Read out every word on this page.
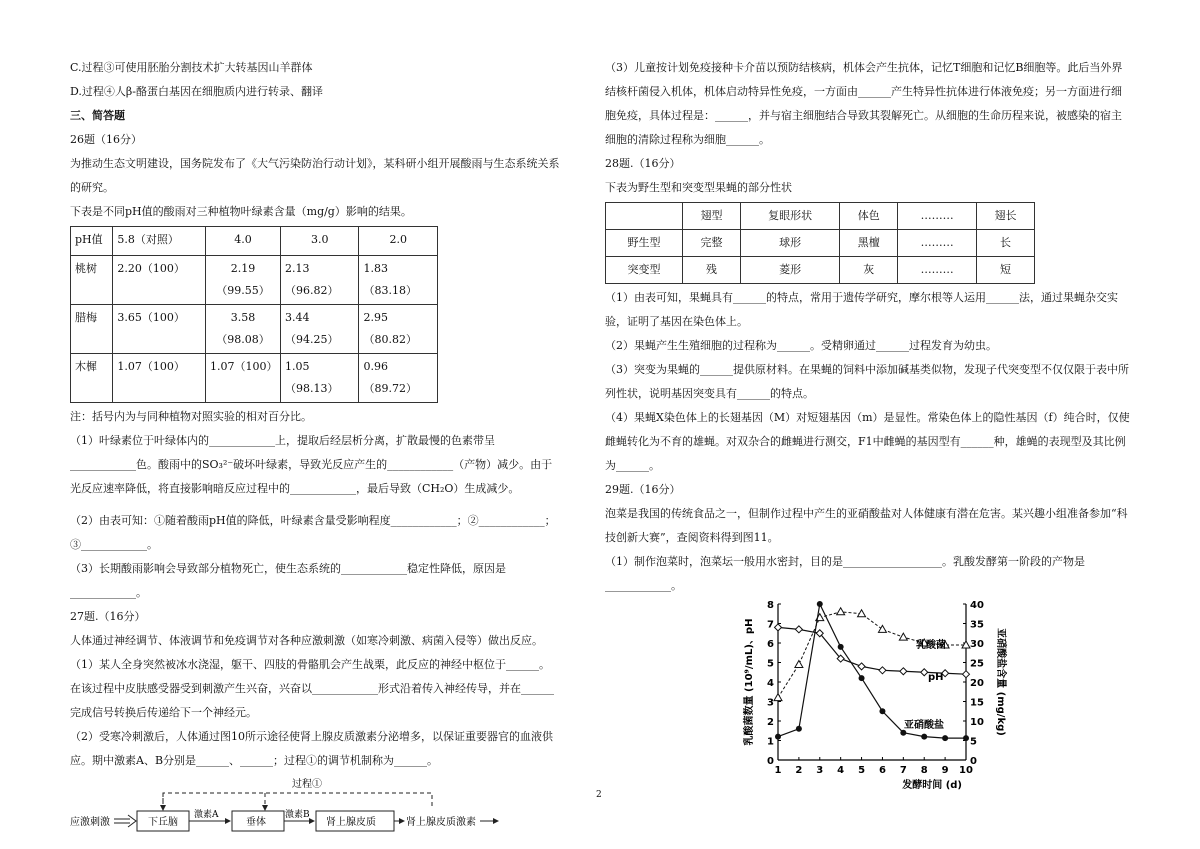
C.过程③可使用胚胎分割技术扩大转基因山羊群体

D.过程④人β-酪蛋白基因在细胞质内进行转录、翻译

三、简答题

26题（16分）

为推动生态文明建设，国务院发布了《大气污染防治行动计划》，某科研小组开展酸雨与生态系统关系的研究。

下表是不同pH值的酸雨对三种植物叶绿素含量（mg/g）影响的结果。

pH值	5.8（对照）	4.0	3.0	2.0
桃树	2.20（100）	2.19（99.55）	2.13（96.82）	1.83（83.18）
腊梅	3.65（100）	3.58（98.08）	3.44（94.25）	2.95（80.82）
木樨	1.07（100）	1.07（100）	1.05（98.13）	0.96（89.72）

注：括号内为与同种植物对照实验的相对百分比。

（1）叶绿素位于叶绿体内的____________上，提取后经层析分离，扩散最慢的色素带呈____________色。酸雨中的SO₃²⁻破坏叶绿素，导致光反应产生的____________（产物）减少。由于光反应速率降低，将直接影响暗反应过程中的____________，最后导致（CH₂O）生成减少。

（2）由表可知：①随着酸雨pH值的降低，叶绿素含量受影响程度____________；②____________；③____________。

（3）长期酸雨影响会导致部分植物死亡，使生态系统的____________稳定性降低，原因是____________。

27题.（16分）

人体通过神经调节、体液调节和免疫调节对各种应激刺激（如寒冷刺激、病菌入侵等）做出反应。

（1）某人全身突然被冰水浇湿，躯干、四肢的骨骼肌会产生战栗，此反应的神经中枢位于______。在该过程中皮肤感受器受到刺激产生兴奋，兴奋以____________形式沿着传入神经传导，并在______完成信号转换后传递给下一个神经元。

（2）受寒冷刺激后，人体通过图10所示途径使肾上腺皮质激素分泌增多，以保证重要器官的血液供应。期中激素A、B分别是______、______；过程①的调节机制称为______。

过程①
应激刺激	下丘脑
激素A
垂体
激素B
肾上腺皮质	肾上腺皮质激素

（3）儿童按计划免疫接种卡介苗以预防结核病，机体会产生抗体，记忆T细胞和记忆B细胞等。此后当外界结核杆菌侵入机体，机体启动特异性免疫，一方面由______产生特异性抗体进行体液免疫；另一方面进行细胞免疫，具体过程是：______，并与宿主细胞结合导致其裂解死亡。从细胞的生命历程来说，被感染的宿主细胞的清除过程称为细胞______。

28题.（16分）

下表为野生型和突变型果蝇的部分性状

	翅型	复眼形状	体色	………	翅长
野生型	完整	球形	黑檀	………	长
突变型	残	菱形	灰	………	短

（1）由表可知，果蝇具有______的特点，常用于遗传学研究，摩尔根等人运用______法，通过果蝇杂交实验，证明了基因在染色体上。

（2）果蝇产生生殖细胞的过程称为______。受精卵通过______过程发育为幼虫。

（3）突变为果蝇的______提供原材料。在果蝇的饲料中添加碱基类似物，发现子代突变型不仅仅限于表中所列性状，说明基因突变具有______的特点。

（4）果蝇X染色体上的长翅基因（M）对短翅基因（m）是显性。常染色体上的隐性基因（f）纯合时，仅使雌蝇转化为不育的雄蝇。对双杂合的雌蝇进行测交，F1中雌蝇的基因型有______种，雄蝇的表现型及其比例为______。

29题.（16分）

泡菜是我国的传统食品之一，但制作过程中产生的亚硝酸盐对人体健康有潜在危害。某兴趣小组准备参加“科技创新大赛”，查阅资料得到图11。

（1）制作泡菜时，泡菜坛一般用水密封，目的是__________________。乳酸发酵第一阶段的产物是____________。

1 2 3 4 5 6 7 8 9 10
0
1
2
3
4
5
6
7
8
0
5
10
15
20
25
30
35
40
发酵时间 (d)
乳酸菌数量 (10⁹/mL)、pH	亚硝酸盐含量 (mg/kg)
乳酸菌
pH
亚硝酸盐
2
